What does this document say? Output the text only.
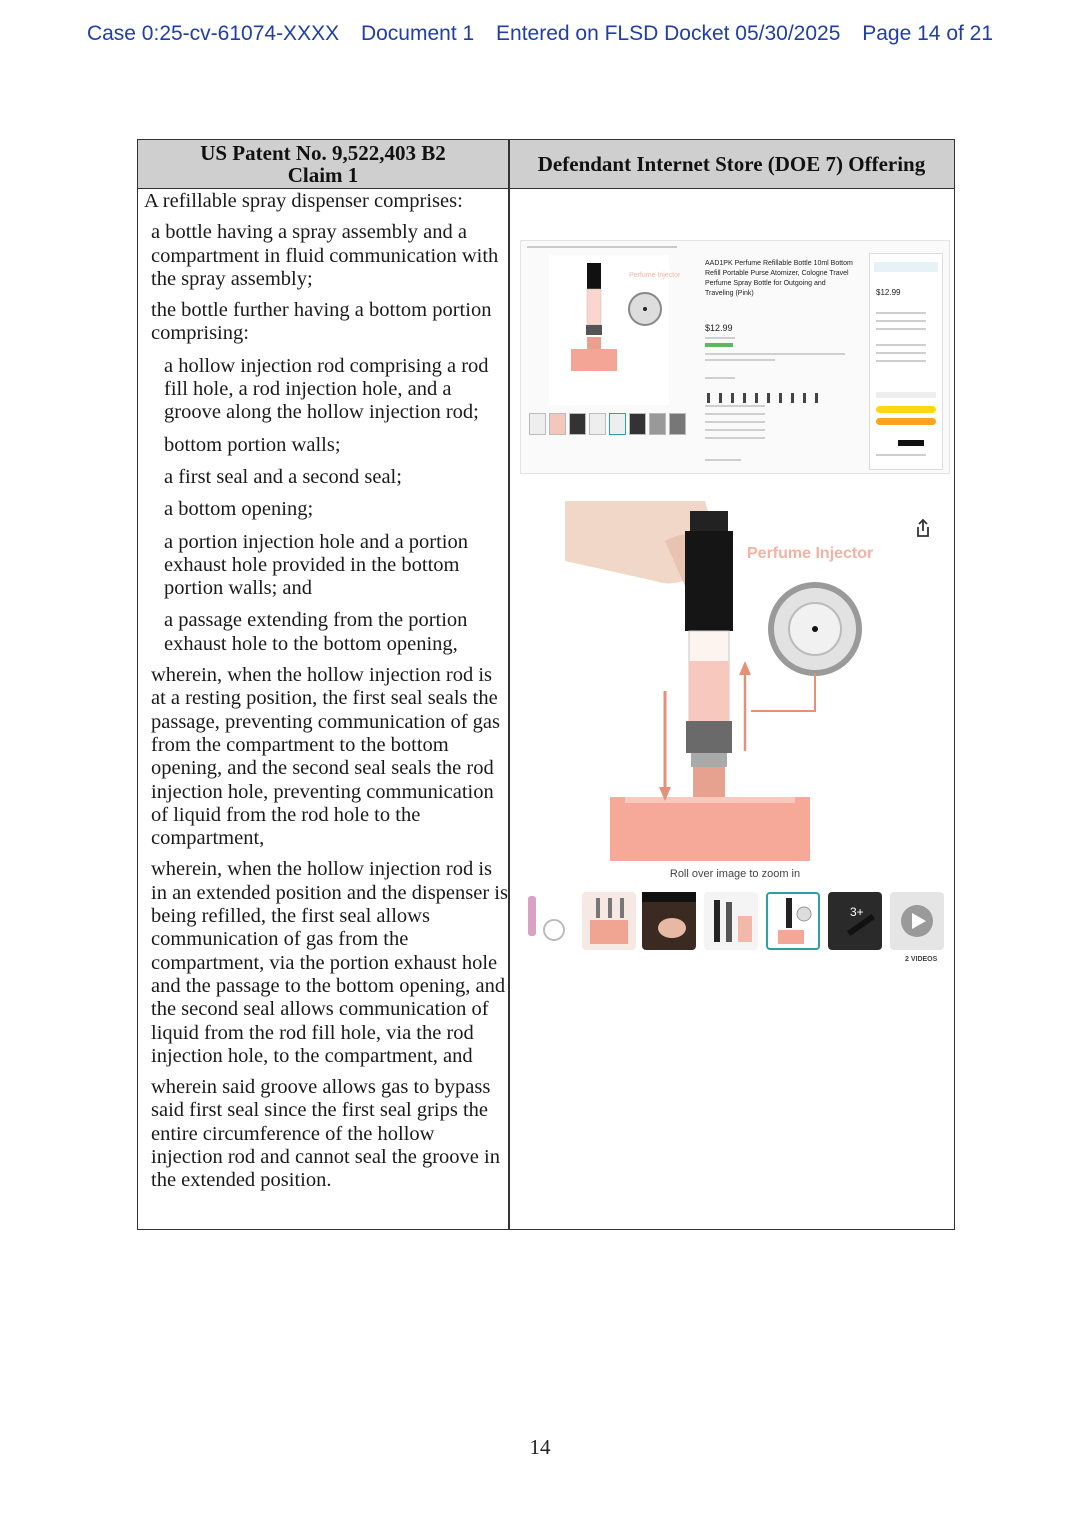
Case 0:25-cv-61074-XXXX Document 1 Entered on FLSD Docket 05/30/2025 Page 14 of 21
US Patent No. 9,522,403 B2
Claim 1	Defendant Internet Store (DOE 7) Offering

A refillable spray dispenser comprises:

a bottle having a spray assembly and a compartment in fluid communication with the spray assembly;

the bottle further having a bottom portion comprising:

a hollow injection rod comprising a rod fill hole, a rod injection hole, and a groove along the hollow injection rod;

bottom portion walls;

a first seal and a second seal;

a bottom opening;

a portion injection hole and a portion exhaust hole provided in the bottom portion walls; and

a passage extending from the portion exhaust hole to the bottom opening,

wherein, when the hollow injection rod is at a resting position, the first seal seals the passage, preventing communication of gas from the compartment to the bottom opening, and the second seal seals the rod injection hole, preventing communication of liquid from the rod hole to the compartment,

wherein, when the hollow injection rod is in an extended position and the dispenser is being refilled, the first seal allows communication of gas from the compartment, via the portion exhaust hole and the passage to the bottom opening, and the second seal allows communication of liquid from the rod fill hole, via the rod injection hole, to the compartment, and

wherein said groove allows gas to bypass said first seal since the first seal grips the entire circumference of the hollow injection rod and cannot seal the groove in the extended position.

Perfume Injector
AAD1PK Perfume Refillable Bottle 10ml Bottom Refill Portable Purse Atomizer, Cologne Travel Perfume Spray Bottle for Outgoing and Traveling (Pink)
$12.99
$12.99
Perfume Injector
Roll over image to zoom in
3+
2 VIDEOS
14
